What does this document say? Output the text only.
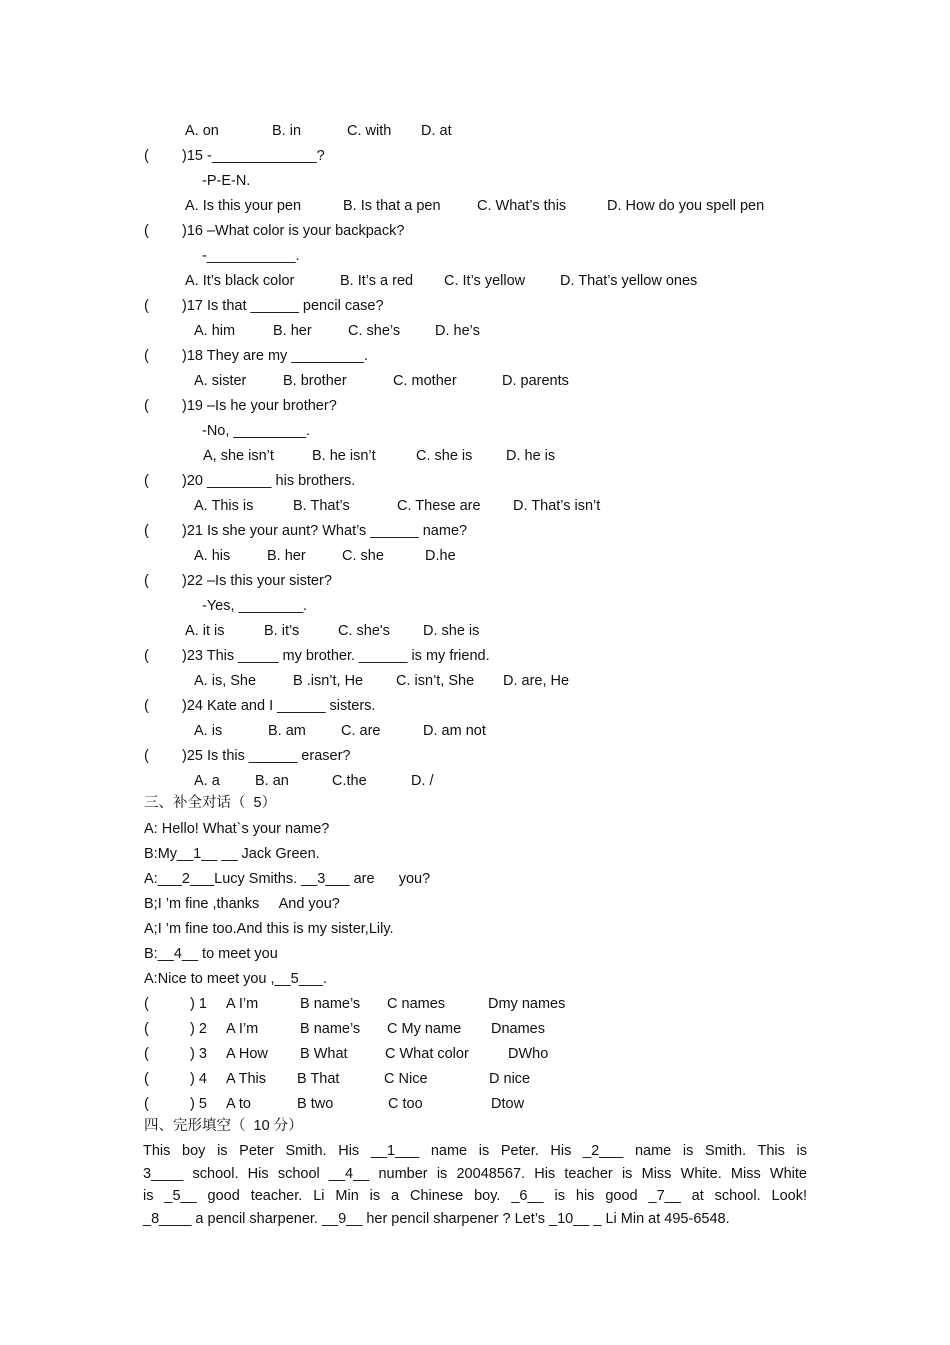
A. on	B. in	C. with D. at
( )15 -_____________?
-P-E-N.
A. Is this your pen	B. Is that a pen	C. What’s this	D. How do you spell pen
( )16 –What color is your backpack?
-___________.
A. It’s black color	B. It’s a red C. It’s yellow D. That’s yellow ones
( )17 Is that ______ pencil case?
A. him	B. her	C. she’s D. he’s
( )18 They are my _________.
A. sister	B. brother	C. mother	D. parents
( )19 –Is he your brother?
-No, _________.
A, she isn’t	B. he isn’t	C. she is D. he is
( )20 ________ his brothers.
A. This is	B. That’s	C. These are D. That’s isn’t
( )21 Is she your aunt? What’s ______ name?
A. his	B. her	C. she	D.he
( )22 –Is this your sister?
-Yes, ________.
A. it is	B. it’s	C. she's D. she is
( )23 This _____ my brother. ______ is my friend.
A. is, She	B .isn’t, He C. isn’t, She D. are, He
( )24 Kate and I ______ sisters.
A. is	B. am C. are	D. am not
( )25 Is this ______ eraser?
A. a B. an	C.the	D. /
三、补全对话（  5）
A: Hello! What`s your name?
B:My__1__ __ Jack Green.
A:___2___Lucy Smiths. __3___ are      you?
B;I ’m fine ,thanks     And you?
A;I ’m fine too.And this is my sister,Lily.
B:__4__ to meet you
A:Nice to meet you ,__5___.
(	) 1 A I’m	B name’s C names	Dmy names
(	) 2 A I’m	B name’s C My name Dnames
(	) 3 A How B What	C What color	DWho
(	) 4 A This B That	C Nice	D nice
(	) 5 A to	B two	C too	Dtow
四、完形填空（  10 分）
This boy is Peter Smith. His __1___ name is Peter. His _2___ name is Smith. This is
3____ school. His school __4__ number is 20048567. His teacher is Miss White. Miss White
is _5__ good teacher. Li Min is a Chinese boy. _6__ is his good _7__ at school. Look!
_8____ a pencil sharpener. __9__ her pencil sharpener ? Let’s _10__ _ Li Min at 495-6548.
